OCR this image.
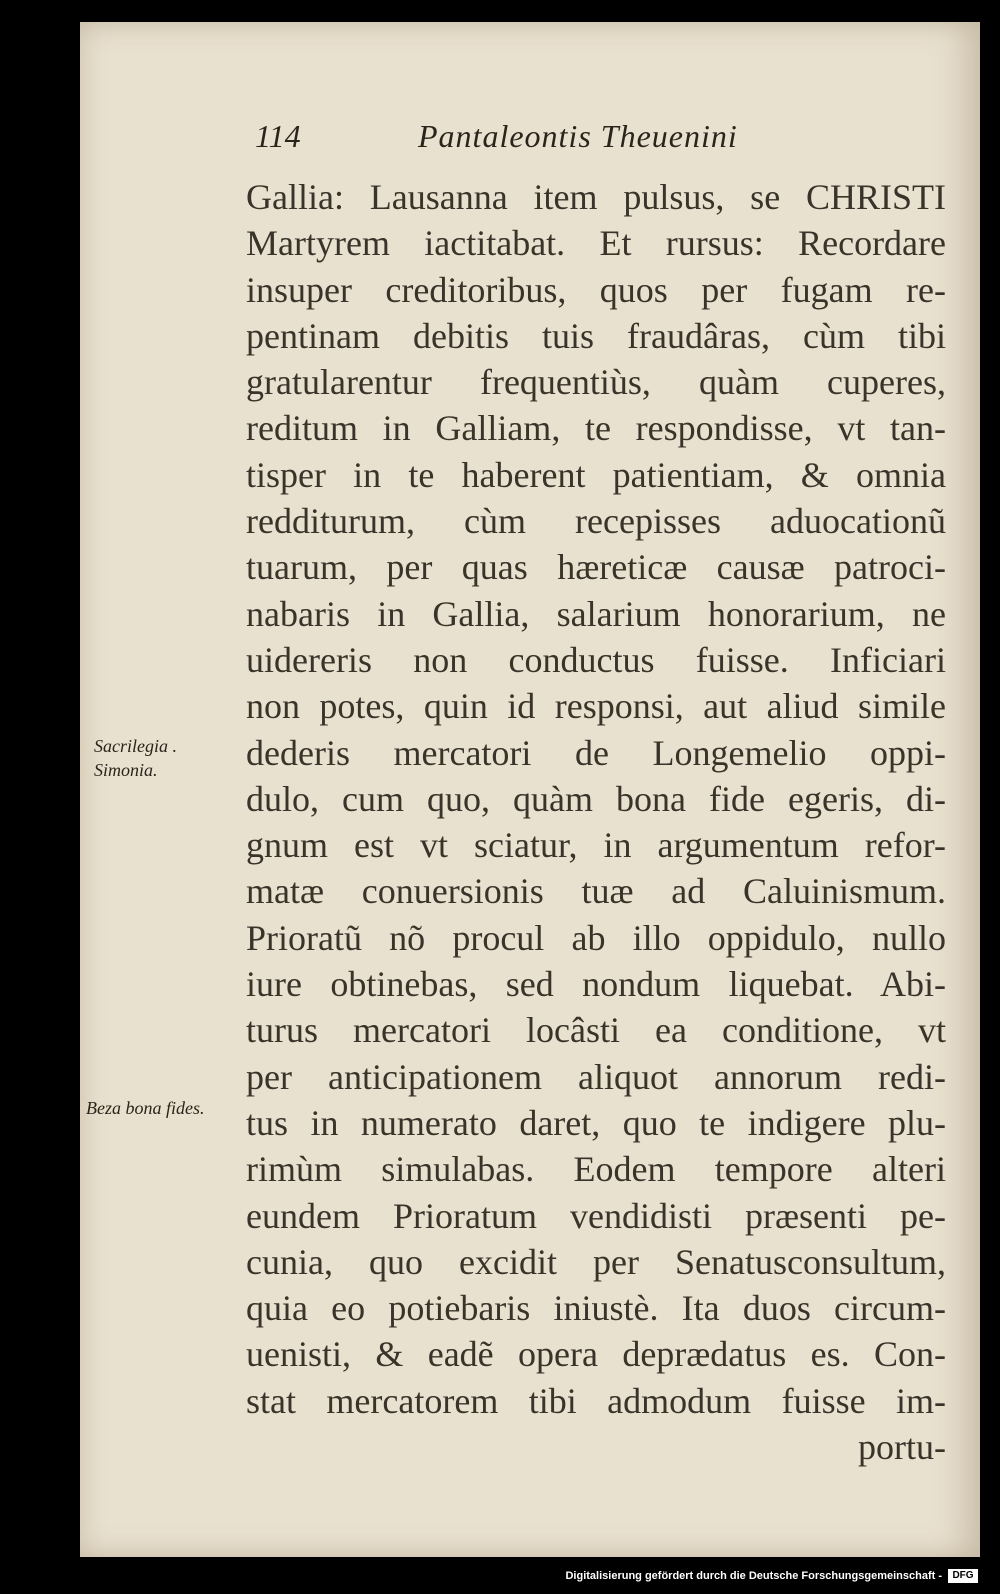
114	Pantaleontis Theuenini
Sacrilegia . Simonia.
Beza bona fides.
Gallia: Lausanna item pulsus, se CHRISTI
Martyrem iactitabat. Et rursus: Recordare
insuper creditoribus, quos per fugam re-
pentinam debitis tuis fraudâras, cùm tibi
gratularentur frequentiùs, quàm cuperes,
reditum in Galliam, te respondisse, vt tan-
tisper in te haberent patientiam, & omnia
redditurum, cùm recepisses aduocationũ
tuarum, per quas hæreticæ causæ patroci-
nabaris in Gallia, salarium honorarium, ne
uidereris non conductus fuisse. Inficiari
non potes, quin id responsi, aut aliud simile
dederis mercatori de Longemelio oppi-
dulo, cum quo, quàm bona fide egeris, di-
gnum est vt sciatur, in argumentum refor-
matæ conuersionis tuæ ad Caluinismum.
Prioratũ nõ procul ab illo oppidulo, nullo
iure obtinebas, sed nondum liquebat. Abi-
turus mercatori locâsti ea conditione, vt
per anticipationem aliquot annorum redi-
tus in numerato daret, quo te indigere plu-
rimùm simulabas. Eodem tempore alteri
eundem Prioratum vendidisti præsenti pe-
cunia, quo excidit per Senatusconsultum,
quia eo potiebaris iniustè. Ita duos circum-
uenisti, & eadẽ opera deprædatus es. Con-
stat mercatorem tibi admodum fuisse im-
portu-
Digitalisierung gefördert durch die Deutsche Forschungsgemeinschaft -	DFG
